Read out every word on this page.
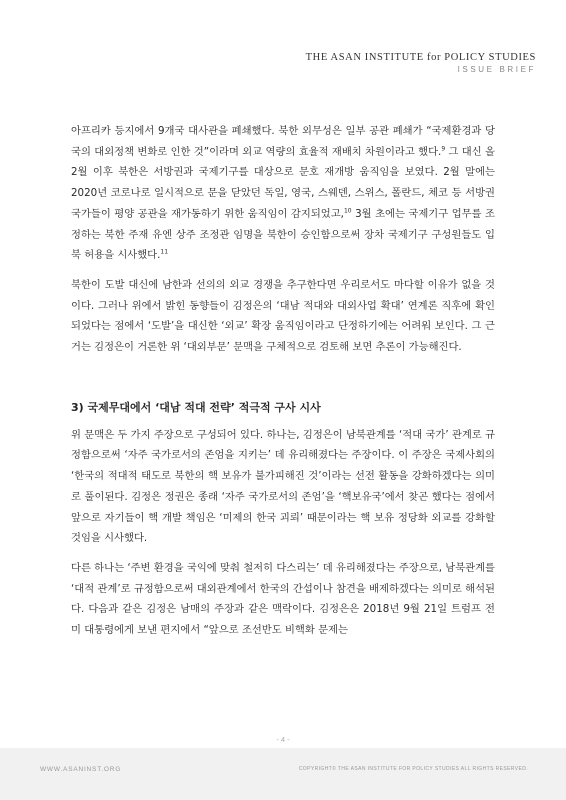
THE ASAN INSTITUTE for POLICY STUDIES
ISSUE BRIEF

아프리카 등지에서 9개국 대사관을 폐쇄했다. 북한 외무성은 일부 공관 폐쇄가 “국제환경과 당국의 대외정책 변화로 인한 것”이라며 외교 역량의 효율적 재배치 차원이라고 했다.$^9$ 그 대신 올 2월 이후 북한은 서방권과 국제기구를 대상으로 문호 재개방 움직임을 보였다. 2월 말에는 2020년 코로나로 일시적으로 문을 닫았던 독일, 영국, 스웨덴, 스위스, 폴란드, 체코 등 서방권 국가들이 평양 공관을 재가동하기 위한 움직임이 감지되었고,$^{10}$ 3월 초에는 국제기구 업무를 조정하는 북한 주재 유엔 상주 조정관 임명을 북한이 승인함으로써 장차 국제기구 구성원들도 입북 허용을 시사했다.$^{11}$

북한이 도발 대신에 남한과 선의의 외교 경쟁을 추구한다면 우리로서도 마다할 이유가 없을 것이다. 그러나 위에서 밝힌 동향들이 김정은의 ‘대남 적대와 대외사업 확대’ 연계론 직후에 확인되었다는 점에서 ‘도발’을 대신한 ‘외교’ 확장 움직임이라고 단정하기에는 어려워 보인다. 그 근거는 김정은이 거론한 위 ‘대외부문’ 문맥을 구체적으로 검토해 보면 추론이 가능해진다.

3) 국제무대에서 ‘대남 적대 전략’ 적극적 구사 시사

위 문맥은 두 가지 주장으로 구성되어 있다. 하나는, 김정은이 남북관계를 ‘적대 국가’ 관계로 규정함으로써 ‘자주 국가로서의 존엄을 지키는’ 데 유리해졌다는 주장이다. 이 주장은 국제사회의 ‘한국의 적대적 태도로 북한의 핵 보유가 불가피해진 것’이라는 선전 활동을 강화하겠다는 의미로 풀이된다. 김정은 정권은 종래 ‘자주 국가로서의 존엄’을 ‘핵보유국’에서 찾곤 했다는 점에서 앞으로 자기들이 핵 개발 책임은 ‘미제의 한국 괴뢰’ 때문이라는 핵 보유 정당화 외교를 강화할 것임을 시사했다.

다른 하나는 ‘주변 환경을 국익에 맞춰 철저히 다스리는’ 데 유리해졌다는 주장으로, 남북관계를 ‘대적 관계’로 규정함으로써 대외관계에서 한국의 간섭이나 참견을 배제하겠다는 의미로 해석된다. 다음과 같은 김정은 남매의 주장과 같은 맥락이다. 김정은은 2018년 9월 21일 트럼프 전 미 대통령에게 보낸 편지에서 “앞으로 조선반도 비핵화 문제는

- 4 -
WWW.ASANINST.ORG	COPYRIGHT© THE ASAN INSTITUTE FOR POLICY STUDIES ALL RIGHTS RESERVED.
